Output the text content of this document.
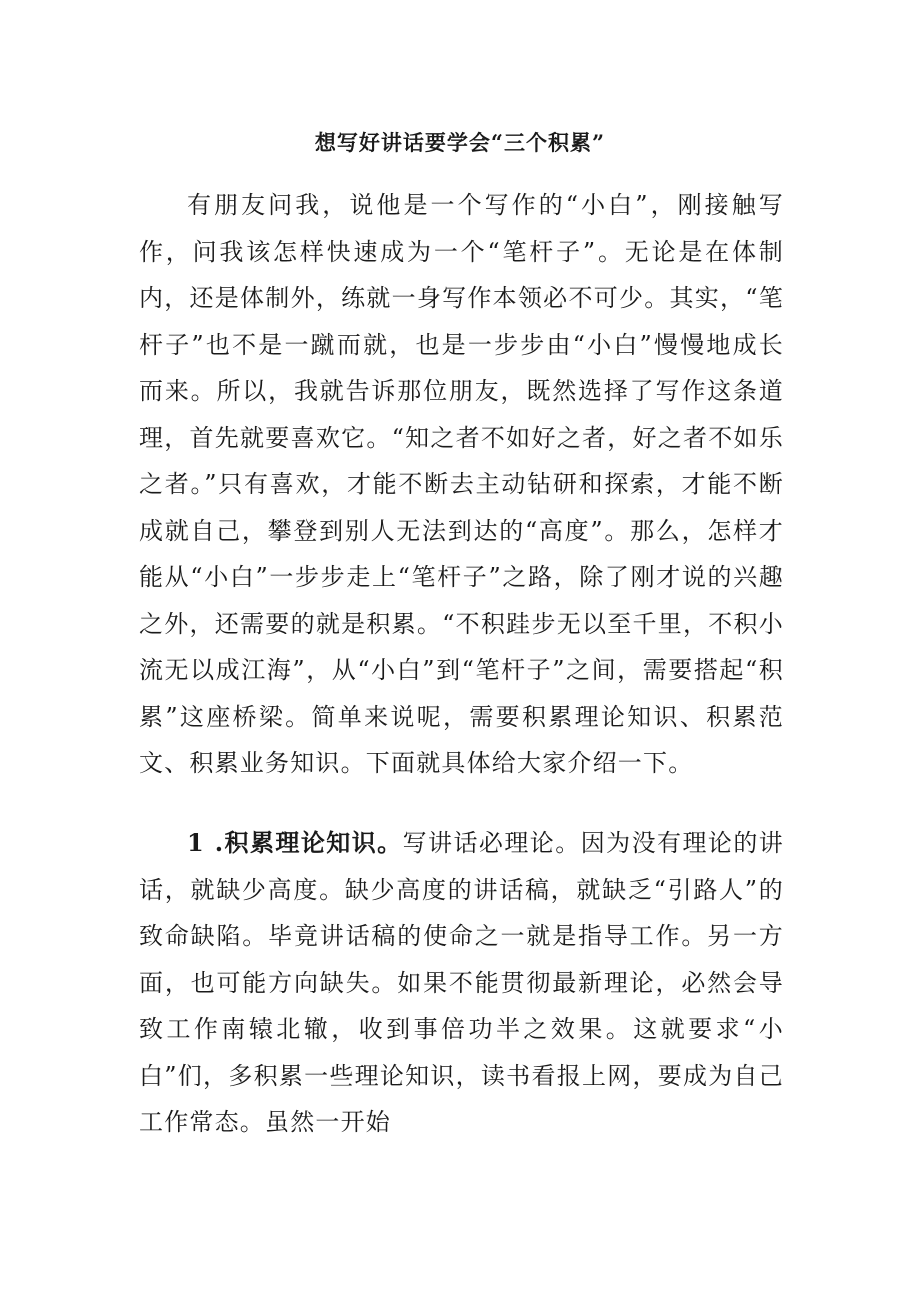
想写好讲话要学会“三个积累”

有朋友问我，说他是一个写作的“小白”，刚接触写作，问我该怎样快速成为一个“笔杆子”。无论是在体制内，还是体制外，练就一身写作本领必不可少。其实，“笔杆子”也不是一蹴而就，也是一步步由“小白”慢慢地成长而来。所以，我就告诉那位朋友，既然选择了写作这条道理，首先就要喜欢它。“知之者不如好之者，好之者不如乐之者。”只有喜欢，才能不断去主动钻研和探索，才能不断成就自己，攀登到别人无法到达的“高度”。那么，怎样才能从“小白”一步步走上“笔杆子”之路，除了刚才说的兴趣之外，还需要的就是积累。“不积跬步无以至千里，不积小流无以成江海”，从“小白”到“笔杆子”之间，需要搭起“积累”这座桥梁。简单来说呢，需要积累理论知识、积累范文、积累业务知识。下面就具体给大家介绍一下。

1 .积累理论知识。写讲话必理论。因为没有理论的讲话，就缺少高度。缺少高度的讲话稿，就缺乏“引路人”的致命缺陷。毕竟讲话稿的使命之一就是指导工作。另一方面，也可能方向缺失。如果不能贯彻最新理论，必然会导致工作南辕北辙，收到事倍功半之效果。这就要求“小白”们，多积累一些理论知识，读书看报上网，要成为自己工作常态。虽然一开始
